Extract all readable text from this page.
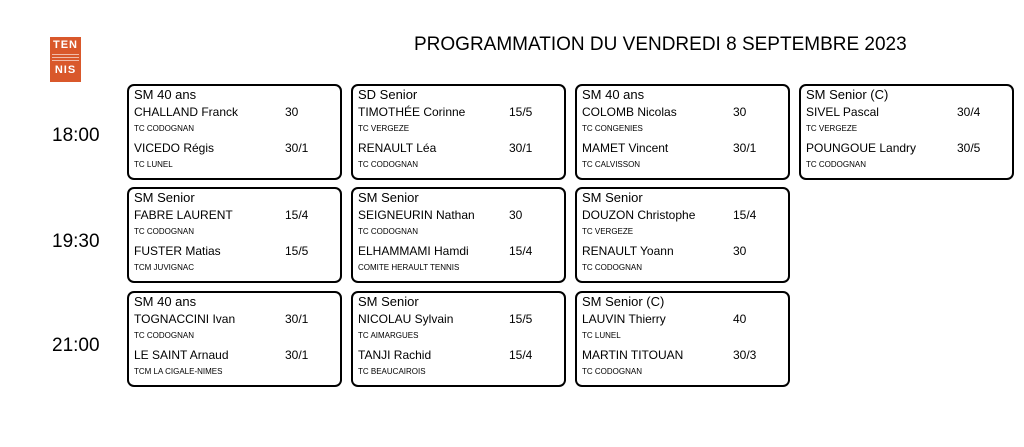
TEN
NIS
PROGRAMMATION DU VENDREDI 8 SEPTEMBRE 2023
18:00
19:30
21:00
SM 40 ans
CHALLAND Franck	30
TC CODOGNAN
VICEDO Régis	30/1
TC LUNEL
SD Senior
TIMOTHÉE Corinne	15/5
TC VERGEZE
RENAULT Léa	30/1
TC CODOGNAN
SM 40 ans
COLOMB Nicolas	30
TC CONGENIES
MAMET Vincent	30/1
TC CALVISSON
SM Senior (C)
SIVEL Pascal	30/4
TC VERGEZE
POUNGOUE Landry	30/5
TC CODOGNAN
SM Senior
FABRE LAURENT	15/4
TC CODOGNAN
FUSTER Matias	15/5
TCM JUVIGNAC
SM Senior
SEIGNEURIN Nathan	30
TC CODOGNAN
ELHAMMAMI Hamdi	15/4
COMITE HERAULT TENNIS
SM Senior
DOUZON Christophe	15/4
TC VERGEZE
RENAULT Yoann	30
TC CODOGNAN
SM 40 ans
TOGNACCINI Ivan	30/1
TC CODOGNAN
LE SAINT Arnaud	30/1
TCM LA CIGALE-NIMES
SM Senior
NICOLAU Sylvain	15/5
TC AIMARGUES
TANJI Rachid	15/4
TC BEAUCAIROIS
SM Senior (C)
LAUVIN Thierry	40
TC LUNEL
MARTIN TITOUAN	30/3
TC CODOGNAN
